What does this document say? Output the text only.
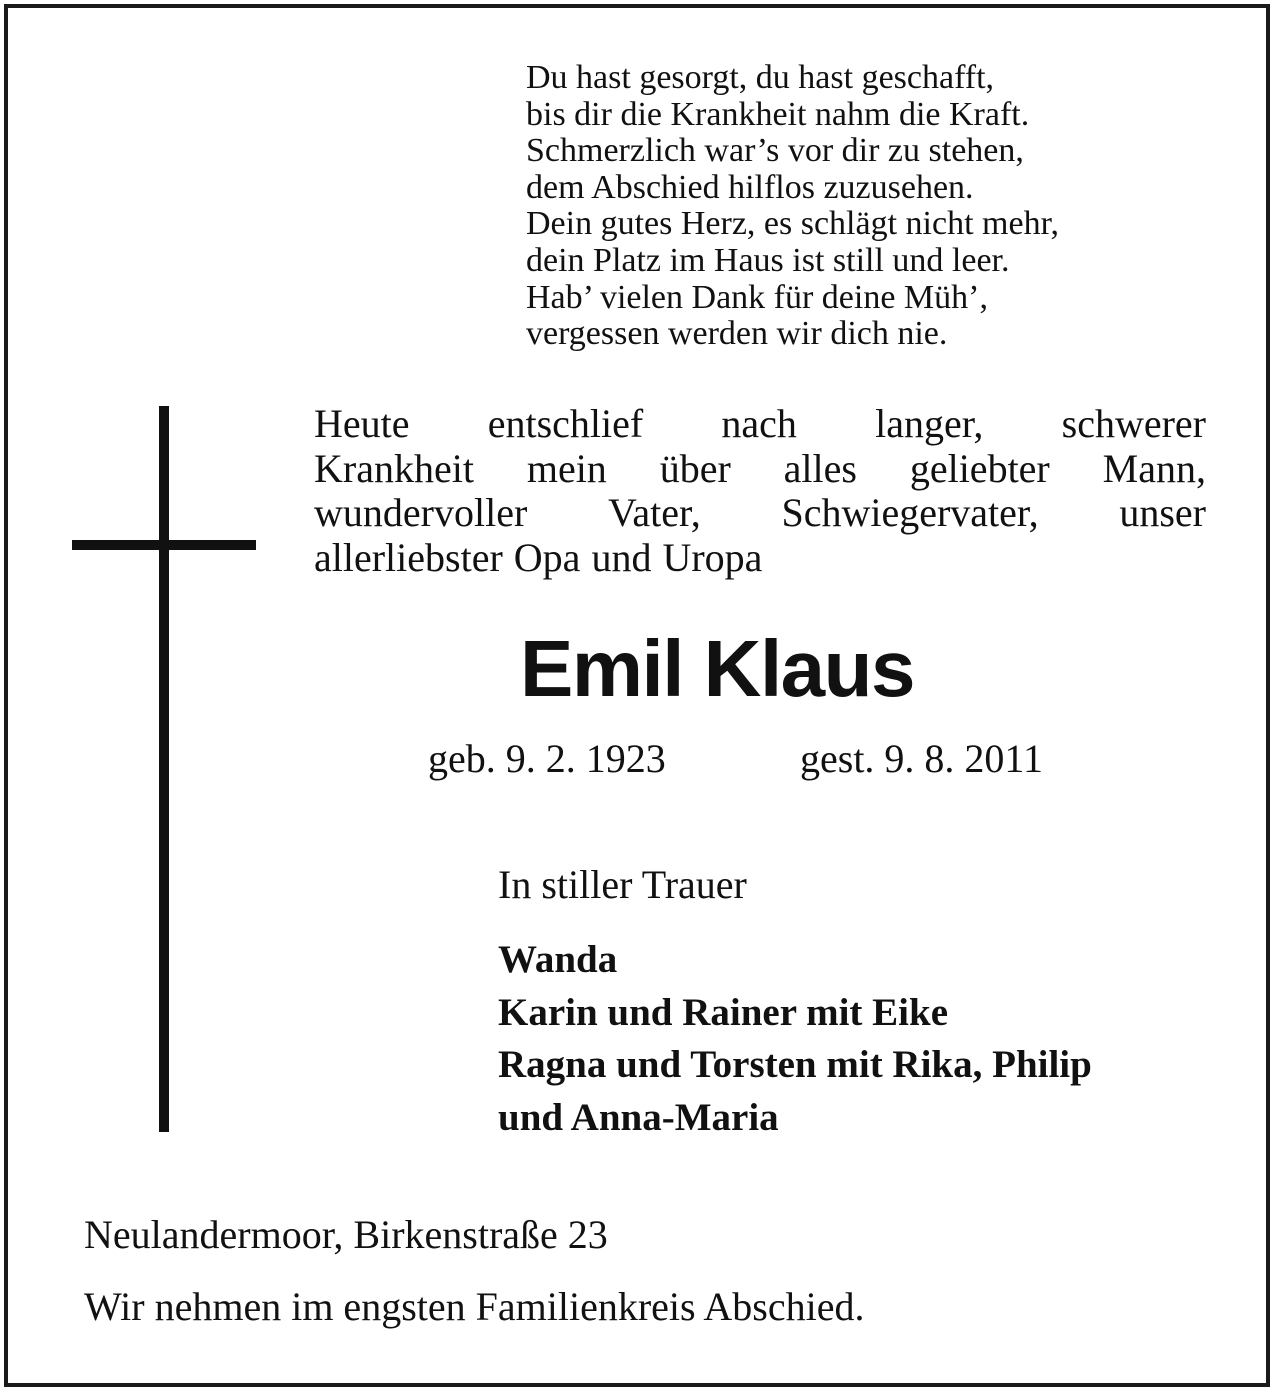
Du hast gesorgt, du hast geschafft,
bis dir die Krankheit nahm die Kraft.
Schmerzlich war’s vor dir zu stehen,
dem Abschied hilflos zuzusehen.
Dein gutes Herz, es schlägt nicht mehr,
dein Platz im Haus ist still und leer.
Hab’ vielen Dank für deine Müh’,
vergessen werden wir dich nie.
Heute entschlief nach langer, schwerer
Krankheit mein über alles geliebter Mann,
wundervoller Vater, Schwiegervater, unser
allerliebster Opa und Uropa
Emil Klaus
geb. 9. 2. 1923	gest. 9. 8. 2011
In stiller Trauer
Wanda
Karin und Rainer mit Eike
Ragna und Torsten mit Rika, Philip
und Anna-Maria
Neulandermoor, Birkenstraße 23
Wir nehmen im engsten Familienkreis Abschied.
